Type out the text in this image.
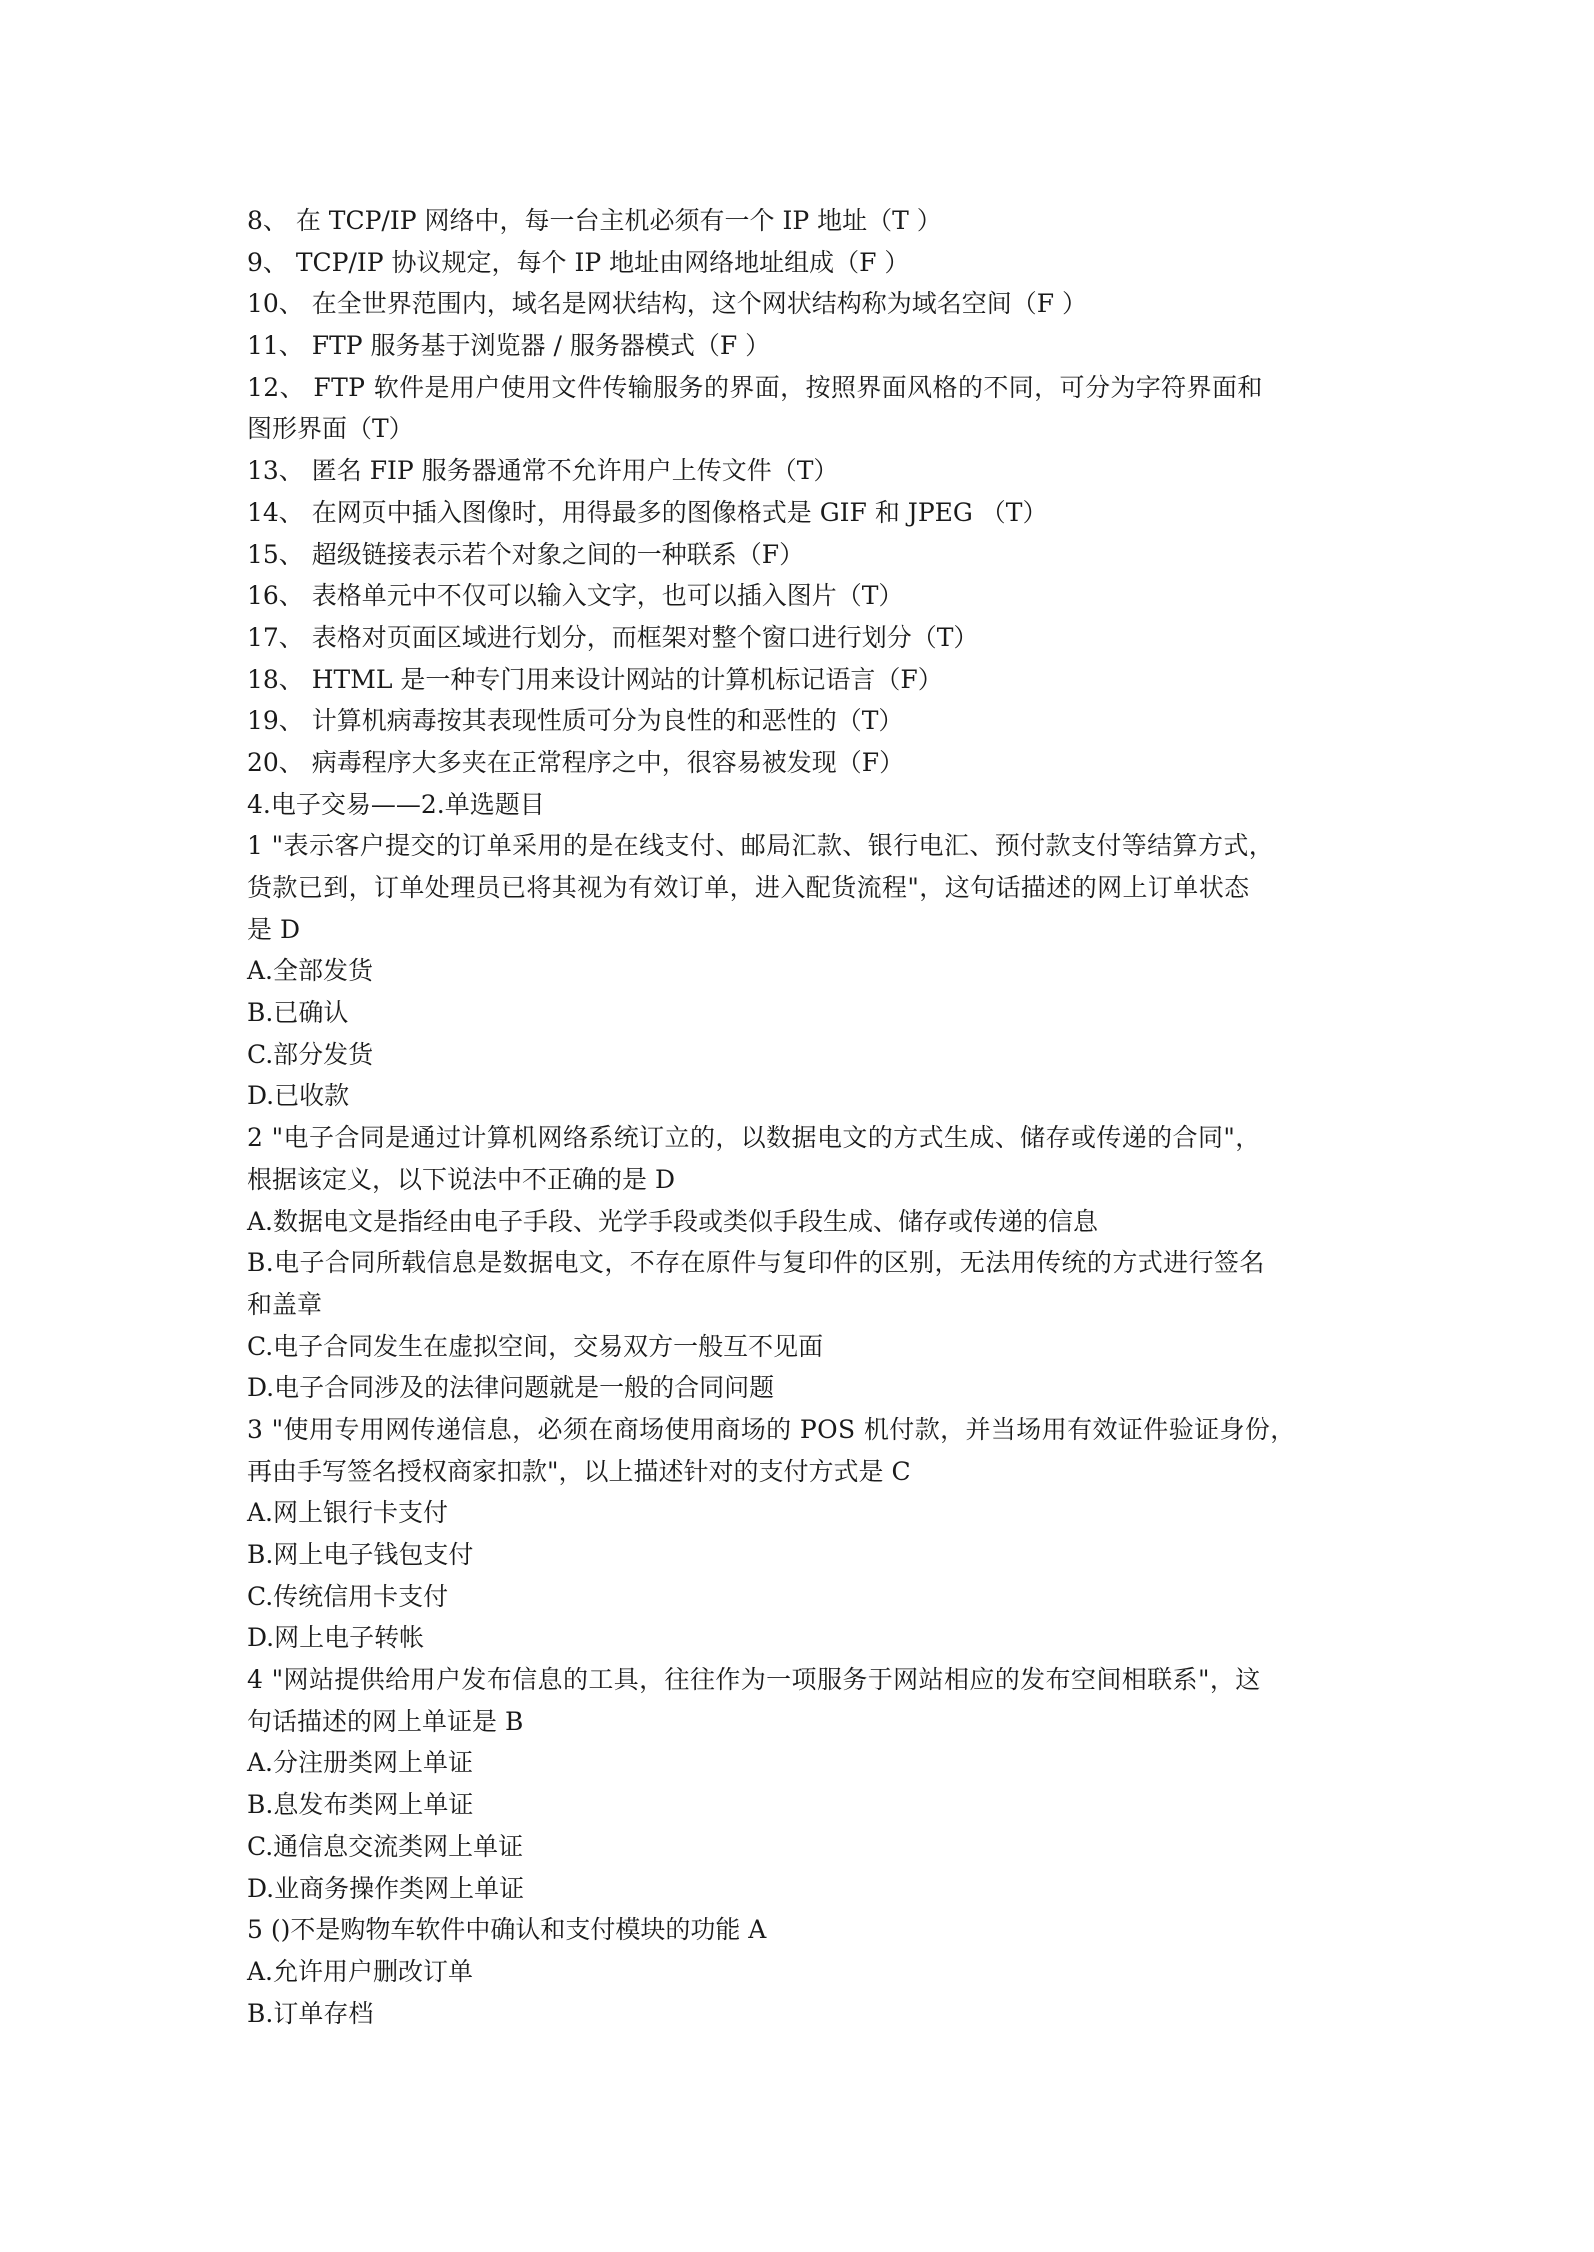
8、 在 TCP/IP 网络中，每一台主机必须有一个 IP 地址（T ）

9、 TCP/IP 协议规定，每个 IP 地址由网络地址组成（F ）

10、 在全世界范围内，域名是网状结构，这个网状结构称为域名空间（F ）

11、 FTP 服务基于浏览器 / 服务器模式（F ）

12、 FTP 软件是用户使用文件传输服务的界面，按照界面风格的不同，可分为字符界面和

图形界面（T）

13、 匿名 FIP 服务器通常不允许用户上传文件（T）

14、 在网页中插入图像时，用得最多的图像格式是 GIF 和 JPEG （T）

15、 超级链接表示若个对象之间的一种联系（F）

16、 表格单元中不仅可以输入文字，也可以插入图片（T）

17、 表格对页面区域进行划分，而框架对整个窗口进行划分（T）

18、 HTML 是一种专门用来设计网站的计算机标记语言（F）

19、 计算机病毒按其表现性质可分为良性的和恶性的（T）

20、 病毒程序大多夹在正常程序之中，很容易被发现（F）

4.电子交易——2.单选题目

1 "表示客户提交的订单采用的是在线支付、邮局汇款、银行电汇、预付款支付等结算方式，

货款已到，订单处理员已将其视为有效订单，进入配货流程"，这句话描述的网上订单状态

是 D

A.全部发货

B.已确认

C.部分发货

D.已收款

2 "电子合同是通过计算机网络系统订立的，以数据电文的方式生成、储存或传递的合同"，

根据该定义，以下说法中不正确的是 D

A.数据电文是指经由电子手段、光学手段或类似手段生成、储存或传递的信息

B.电子合同所载信息是数据电文，不存在原件与复印件的区别，无法用传统的方式进行签名

和盖章

C.电子合同发生在虚拟空间，交易双方一般互不见面

D.电子合同涉及的法律问题就是一般的合同问题

3 "使用专用网传递信息，必须在商场使用商场的 POS 机付款，并当场用有效证件验证身份，

再由手写签名授权商家扣款"，以上描述针对的支付方式是 C

A.网上银行卡支付

B.网上电子钱包支付

C.传统信用卡支付

D.网上电子转帐

4 "网站提供给用户发布信息的工具，往往作为一项服务于网站相应的发布空间相联系"，这

句话描述的网上单证是 B

A.分注册类网上单证

B.息发布类网上单证

C.通信息交流类网上单证

D.业商务操作类网上单证

5 ()不是购物车软件中确认和支付模块的功能 A

A.允许用户删改订单

B.订单存档
